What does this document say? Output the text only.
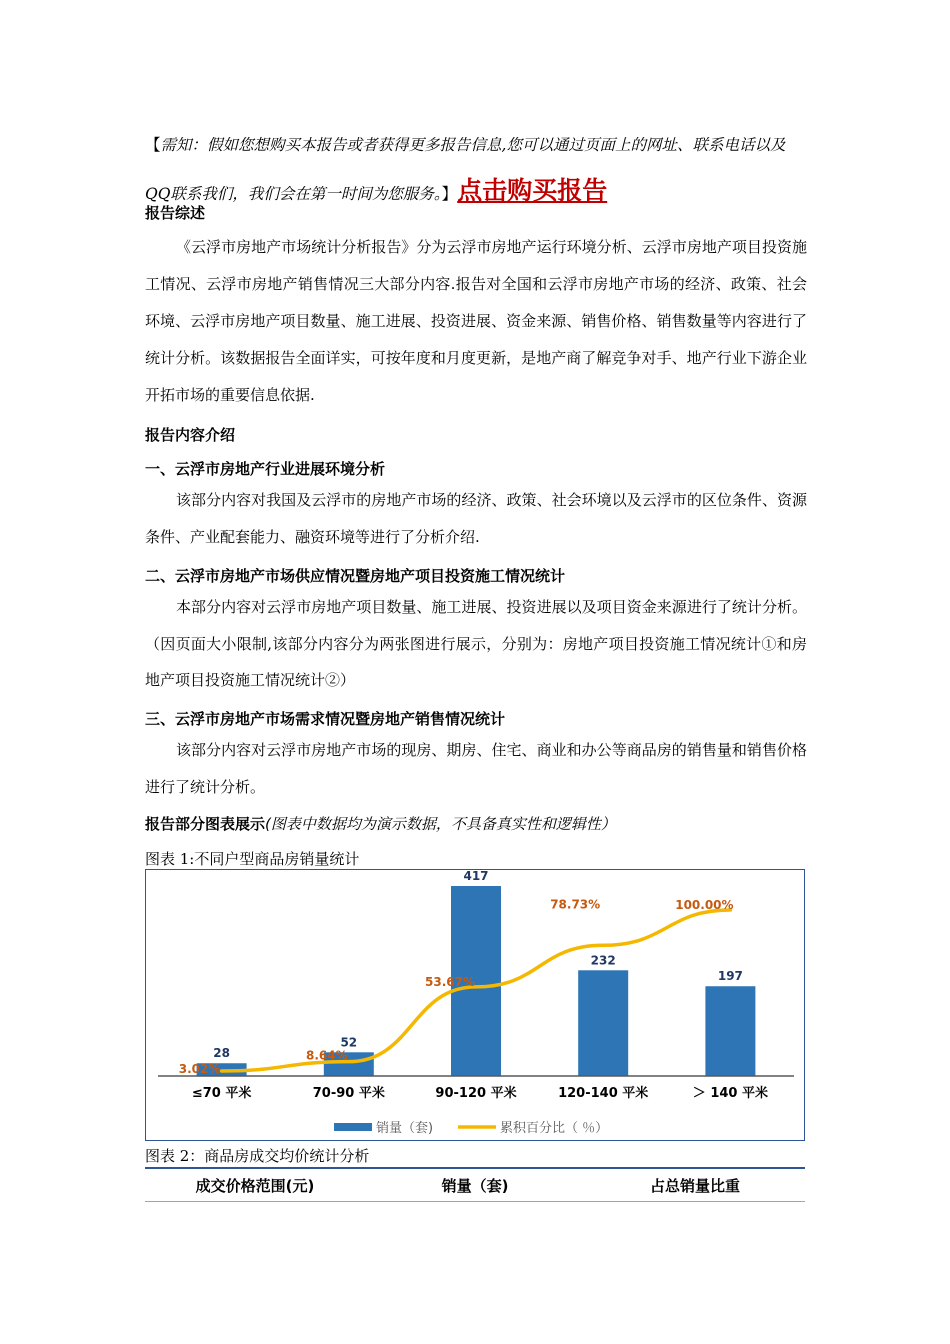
【需知：假如您想购买本报告或者获得更多报告信息,您可以通过页面上的网址、联系电话以及QQ联系我们，我们会在第一时间为您服务。】点击购买报告
报告综述
《云浮市房地产市场统计分析报告》分为云浮市房地产运行环境分析、云浮市房地产项目投资施工情况、云浮市房地产销售情况三大部分内容.报告对全国和云浮市房地产市场的经济、政策、社会环境、云浮市房地产项目数量、施工进展、投资进展、资金来源、销售价格、销售数量等内容进行了统计分析。该数据报告全面详实，可按年度和月度更新，是地产商了解竞争对手、地产行业下游企业开拓市场的重要信息依据.
报告内容介绍
一、云浮市房地产行业进展环境分析
该部分内容对我国及云浮市的房地产市场的经济、政策、社会环境以及云浮市的区位条件、资源条件、产业配套能力、融资环境等进行了分析介绍.
二、云浮市房地产市场供应情况暨房地产项目投资施工情况统计
本部分内容对云浮市房地产项目数量、施工进展、投资进展以及项目资金来源进行了统计分析。（因页面大小限制,该部分内容分为两张图进行展示，分别为：房地产项目投资施工情况统计①和房地产项目投资施工情况统计②）
三、云浮市房地产市场需求情况暨房地产销售情况统计
该部分内容对云浮市房地产市场的现房、期房、住宅、商业和办公等商品房的销售量和销售价格进行了统计分析。
报告部分图表展示(图表中数据均为演示数据，不具备真实性和逻辑性）
图表 1:不同户型商品房销量统计
28
≤70 平米
52
70-90 平米
417
90-120 平米
232
120-140 平米
197
＞ 140 平米
3.02%
8.64%
53.67%
78.73%	100.00%
销量（套)	累积百分比（ ％）
图表 2：商品房成交均价统计分析
成交价格范围(元)	销量（套)	占总销量比重
